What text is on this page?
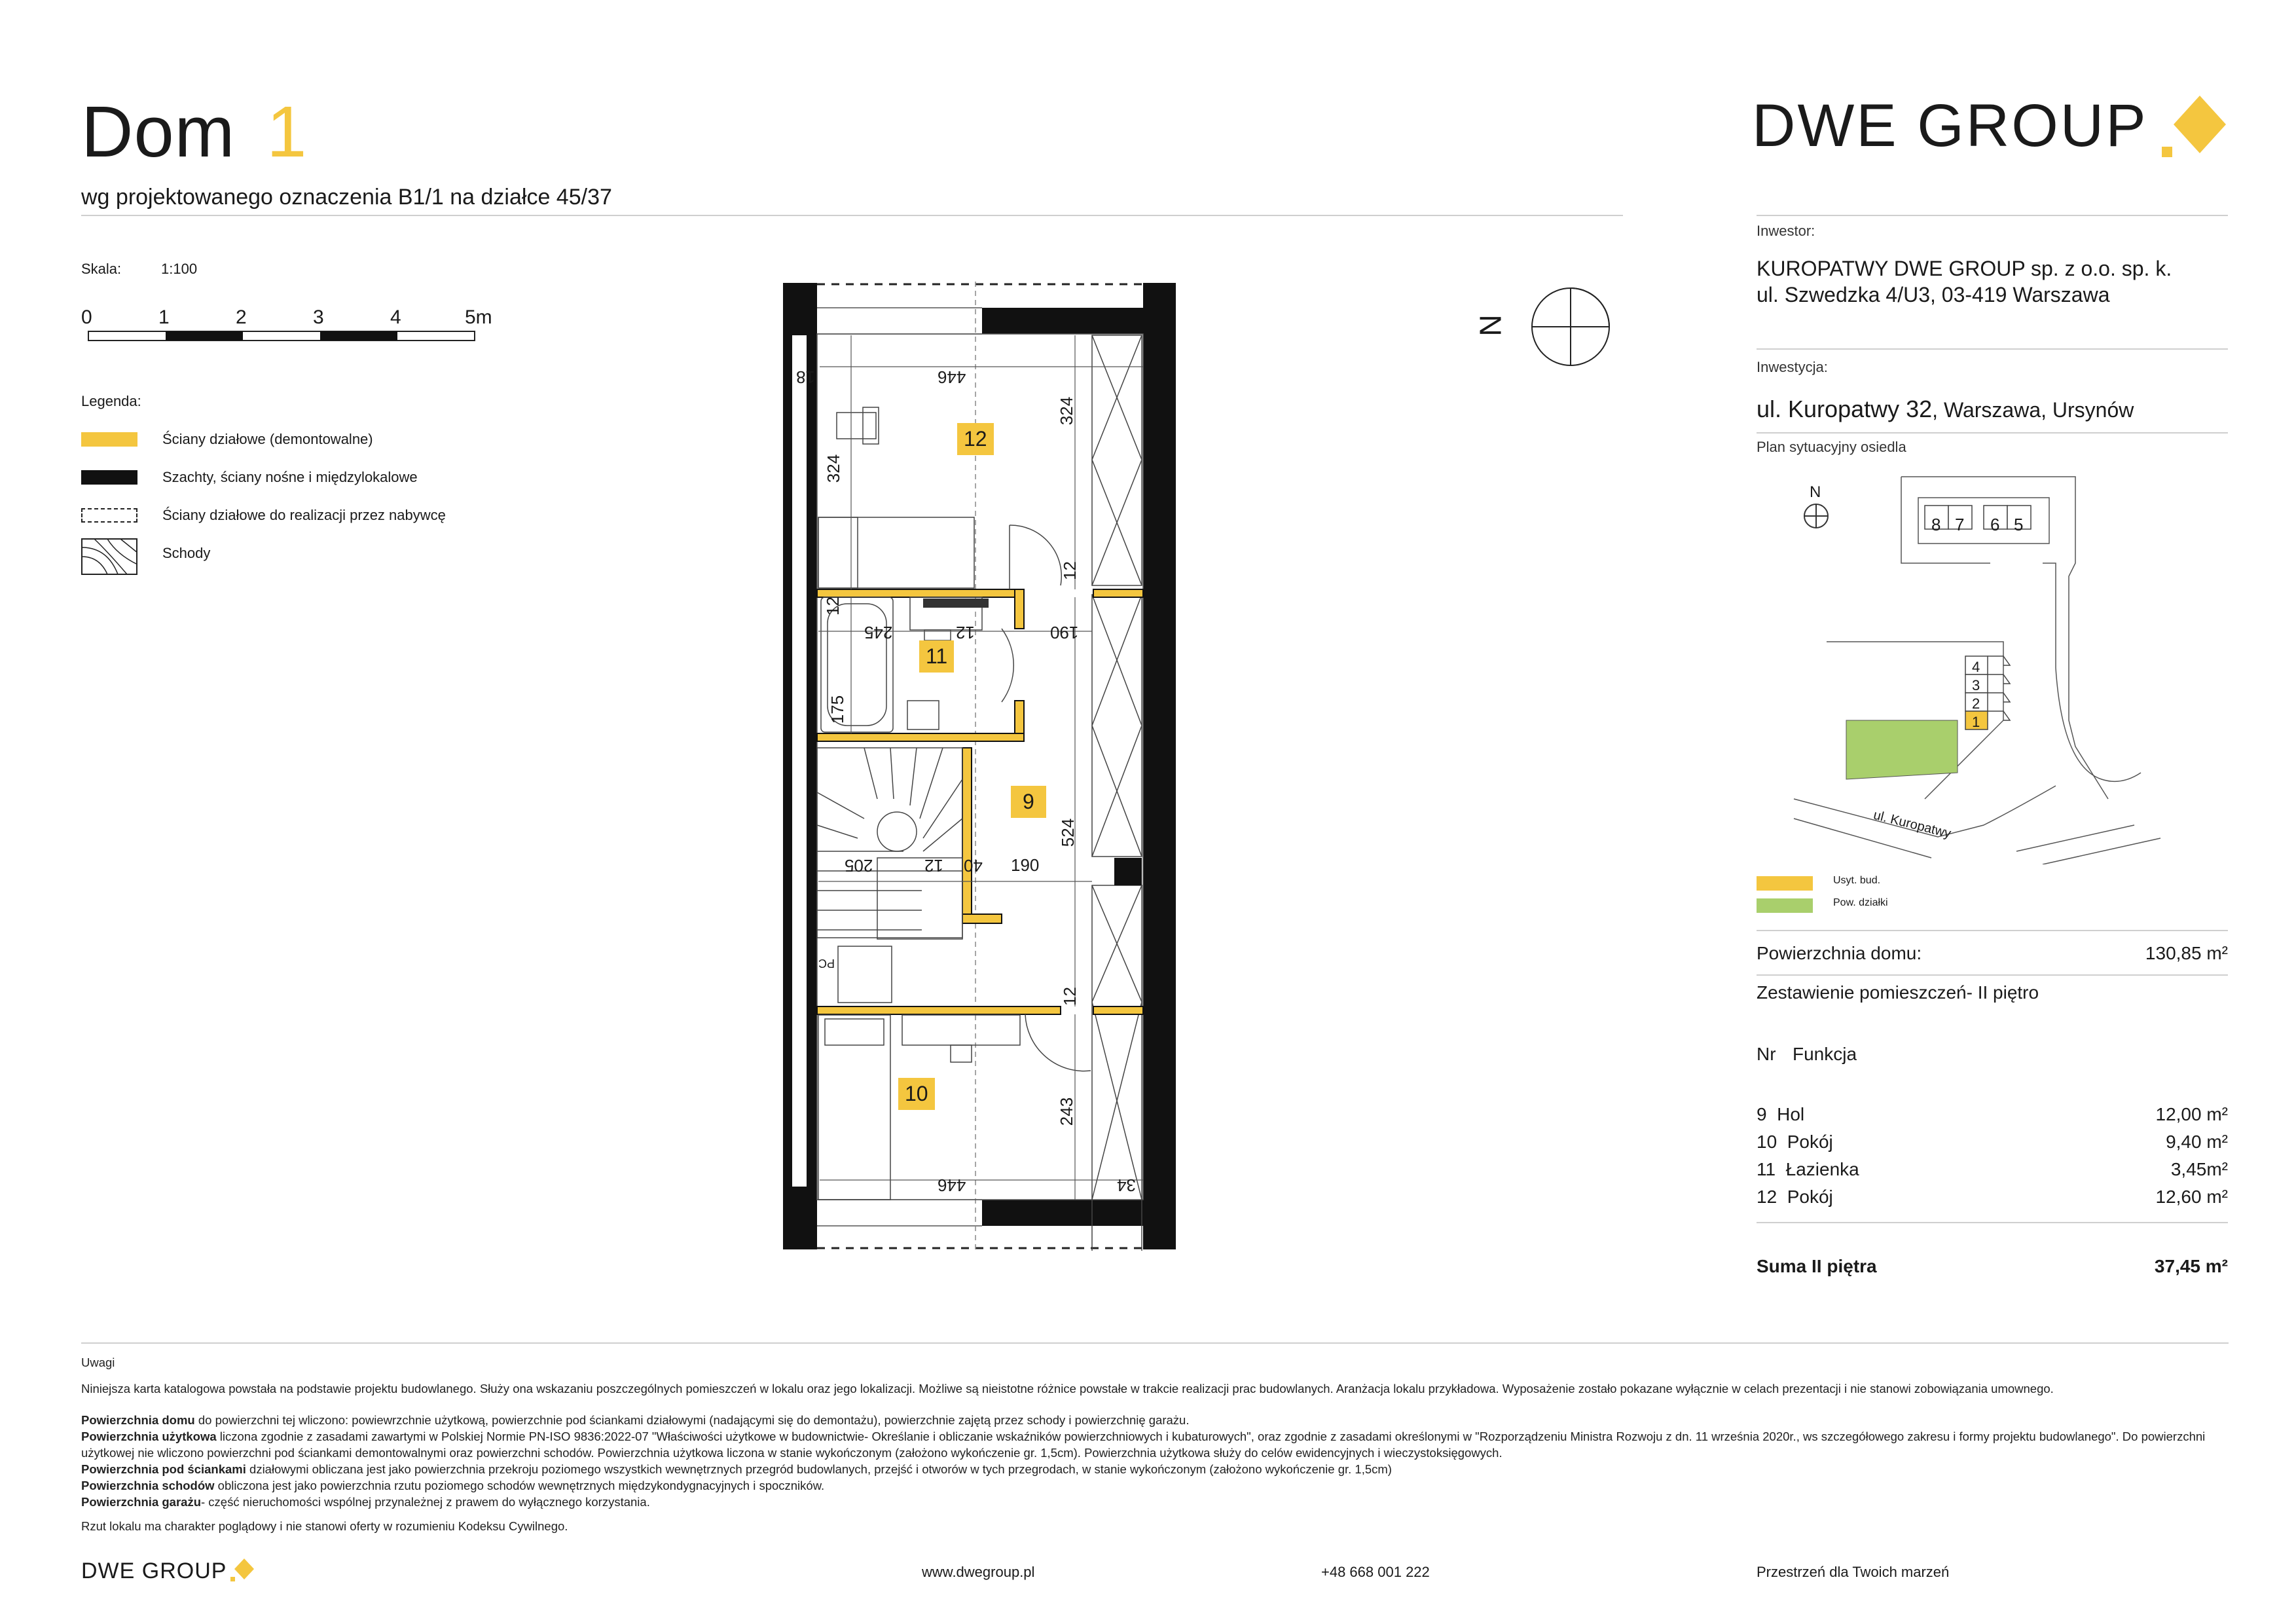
Dom 1
wg projektowanego oznaczenia B1/1 na działce 45/37
DWE GROUP
Skala:	1:100
0	1	2	3	4	5m
Legenda:
Ściany działowe (demontowalne)
Szachty, ściany nośne i międzylokalowe
Ściany działowe do realizacji przez nabywcę
Schody
12
11
9
10
446
18
324
324
12
12
245	12	190
175
205	40
12	190
524
12
243
446	34
PC
N
Inwestor:
KUROPATWY DWE GROUP sp. z o.o. sp. k.
ul. Szwedzka 4/U3, 03-419 Warszawa
Inwestycja:
ul. Kuropatwy 32, Warszawa, Ursynów
Plan sytuacyjny osiedla
N
8 7 6 5
4
3
2
1
ul. Kuropatwy
Usyt. bud.
Pow. działki
Powierzchnia domu:	130,85 m²
Zestawienie pomieszczeń- II piętro
Nr Funkcja
9 Hol	12,00 m²
10 Pokój	9,40 m²
11 Łazienka	3,45m²
12 Pokój	12,60 m²
Suma II piętra	37,45 m²
Uwagi
Niniejsza karta katalogowa powstała na podstawie projektu budowlanego. Służy ona wskazaniu poszczególnych pomieszczeń w lokalu oraz jego lokalizacji. Możliwe są nieistotne różnice powstałe w trakcie realizacji prac budowlanych. Aranżacja lokalu przykładowa. Wyposażenie zostało pokazane wyłącznie w celach prezentacji i nie stanowi zobowiązania umownego.
Powierzchnia domu do powierzchni tej wliczono: powiewrzchnie użytkową, powierzchnie pod ściankami działowymi (nadającymi się do demontażu), powierzchnie zajętą przez schody i powierzchnię garażu.
Powierzchnia użytkowa liczona zgodnie z zasadami zawartymi w Polskiej Normie PN-ISO 9836:2022-07 "Właściwości użytkowe w budownictwie- Określanie i obliczanie wskaźników powierzchniowych i kubaturowych", oraz zgodnie z zasadami określonymi w "Rozporządzeniu Ministra Rozwoju z dn. 11 września 2020r., ws szczegółowego zakresu i formy projektu budowlanego". Do powierzchni użytkowej nie wliczono powierzchni pod ściankami demontowalnymi oraz powierzchni schodów. Powierzchnia użytkowa liczona w stanie wykończonym (założono wykończenie gr. 1,5cm). Powierzchnia użytkowa służy do celów ewidencyjnych i wieczystoksięgowych.
Powierzchnia pod ściankami działowymi obliczana jest jako powierzchnia przekroju poziomego wszystkich wewnętrznych przegród budowlanych, przejść i otworów w tych przegrodach, w stanie wykończonym (założono wykończenie gr. 1,5cm)
Powierzchnia schodów obliczona jest jako powierzchnia rzutu poziomego schodów wewnętrznych międzykondygnacyjnych i spoczników.
Powierzchnia garażu- część nieruchomości wspólnej przynależnej z prawem do wyłącznego korzystania.
Rzut lokalu ma charakter poglądowy i nie stanowi oferty w rozumieniu Kodeksu Cywilnego.
DWE GROUP	www.dwegroup.pl	+48 668 001 222	Przestrzeń dla Twoich marzeń
